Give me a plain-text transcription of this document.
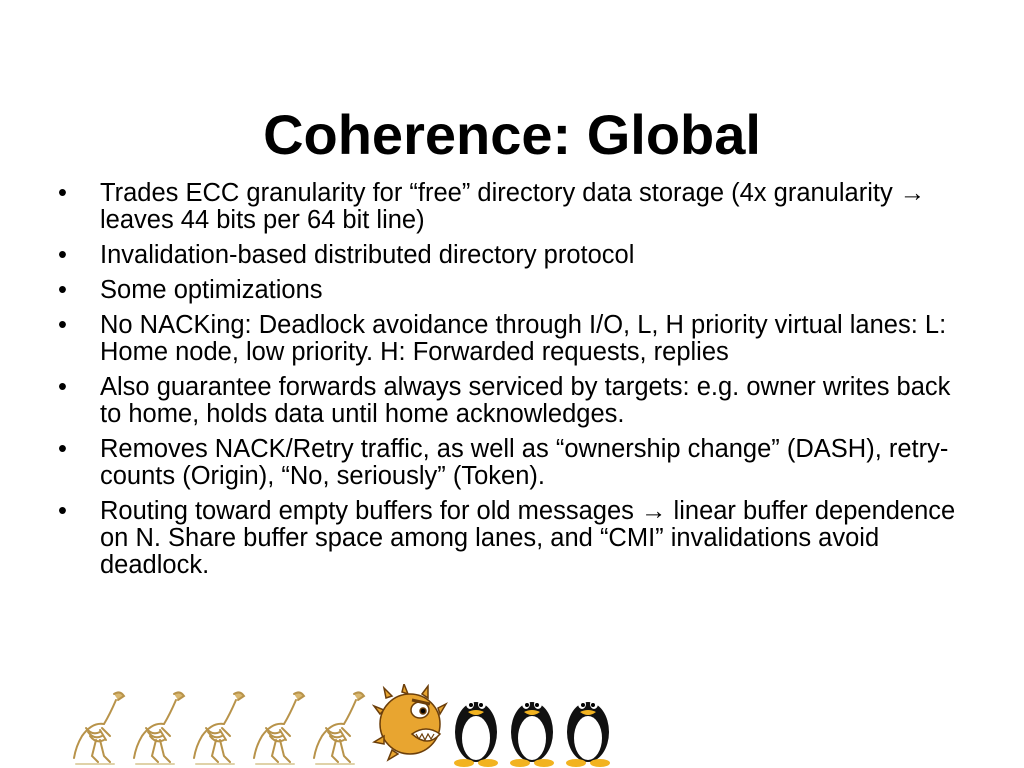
Coherence: Global
• Trades ECC granularity for “free” directory data storage (4x granularity → leaves 44 bits per 64 bit line)
• Invalidation-based distributed directory protocol
• Some optimizations
• No NACKing: Deadlock avoidance through I/O, L, H priority virtual lanes: L: Home node, low priority. H: Forwarded requests, replies
• Also guarantee forwards always serviced by targets: e.g. owner writes back to home, holds data until home acknowledges.
• Removes NACK/Retry traffic, as well as “ownership change” (DASH), retry-counts (Origin), “No, seriously” (Token).
• Routing toward empty buffers for old messages → linear buffer dependence on N. Share buffer space among lanes, and “CMI” invalidations avoid deadlock.
